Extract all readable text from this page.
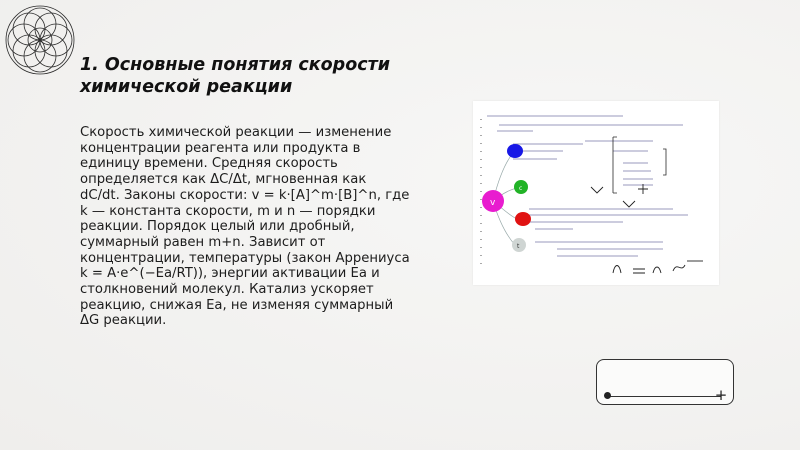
1. Основные понятия скорости
химической реакции
Скорость химической реакции — изменение концентрации реагента или продукта в единицу времени. Средняя скорость определяется как ΔC/Δt, мгновенная как dC/dt. Законы скорости: v = k·[A]^m·[B]^n, где k — константа скорости, m и n — порядки реакции. Порядок целый или дробный, суммарный равен m+n. Зависит от концентрации, температуры (закон Аррениуса k = A·e^(−Ea/RT)), энергии активации Ea и столкновений молекул. Катализ ускоряет реакцию, снижая Ea, не изменяя суммарный ΔG реакции.
v
c
t
+
